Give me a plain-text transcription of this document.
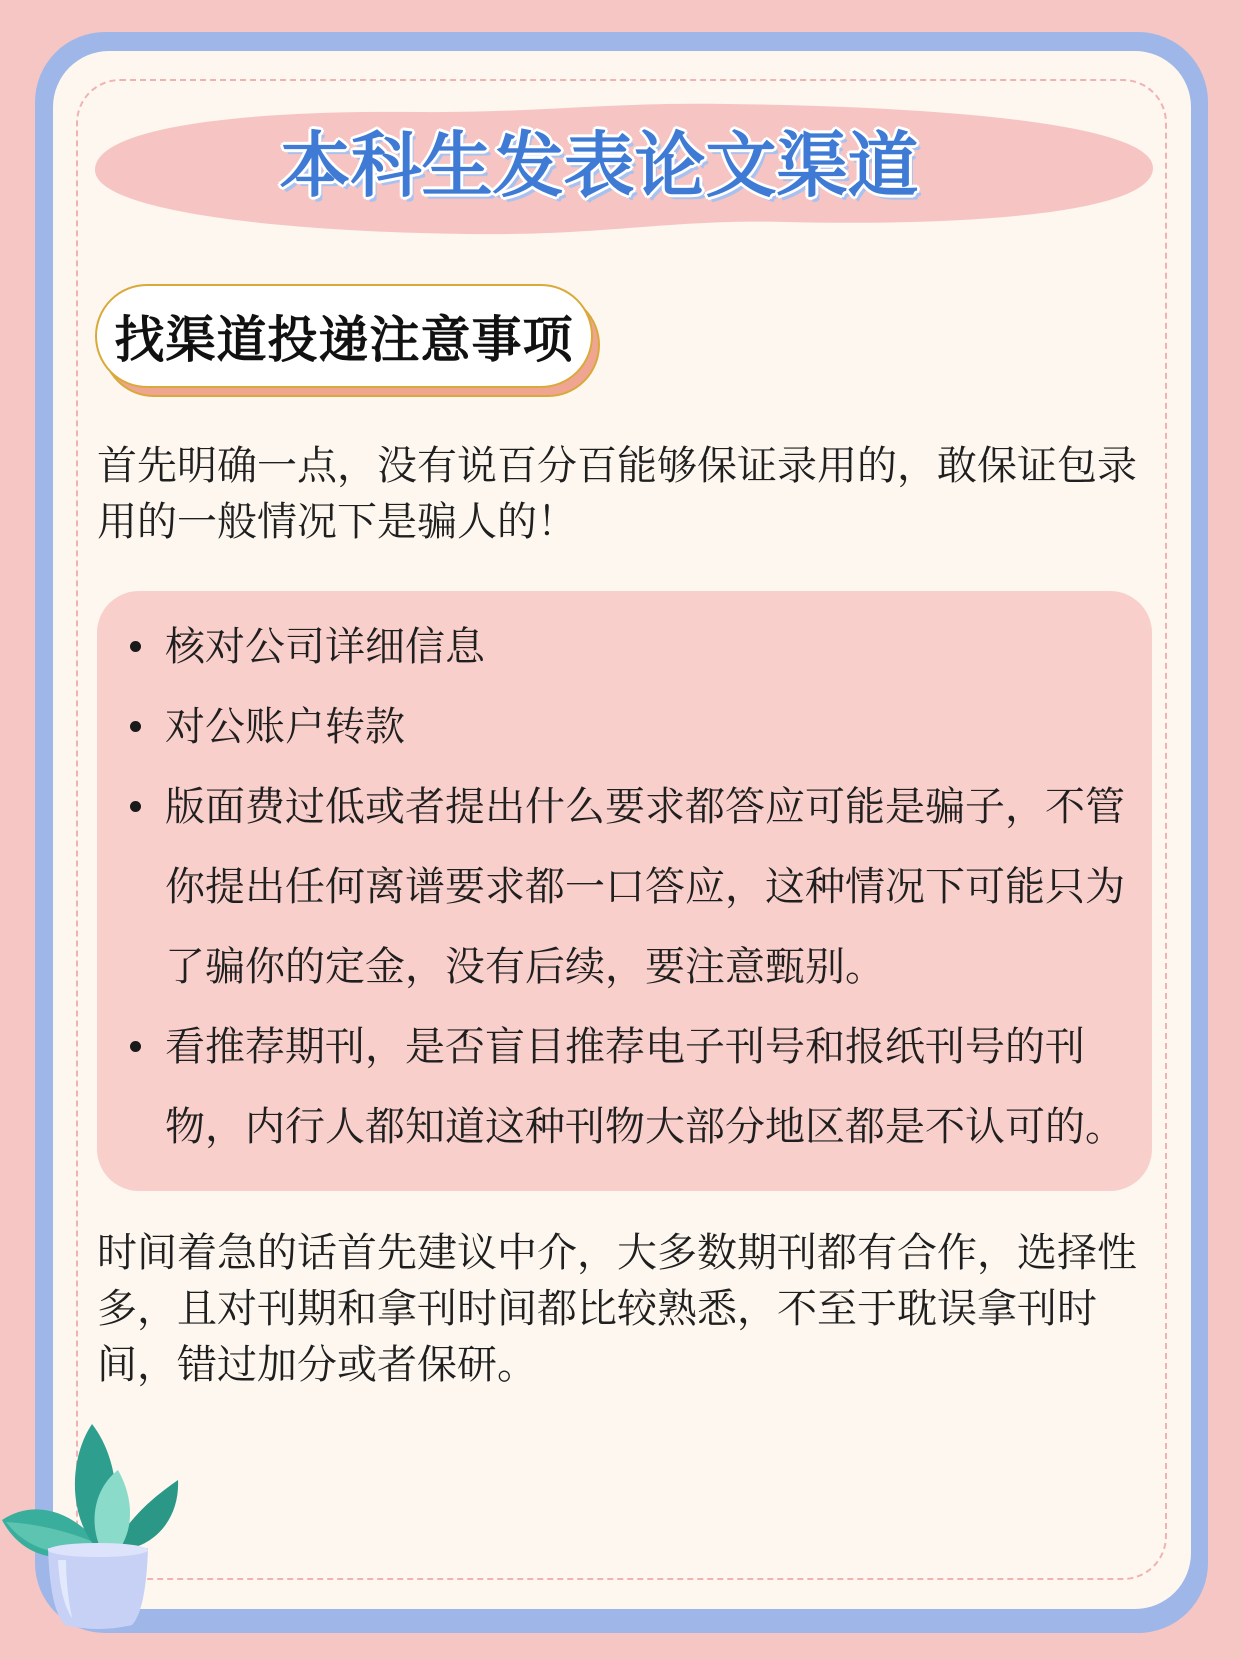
本科生发表论文渠道
找渠道投递注意事项

首先明确一点，没有说百分百能够保证录用的，敢保证包录用的一般情况下是骗人的！

核对公司详细信息
对公账户转款
版面费过低或者提出什么要求都答应可能是骗子，不管你提出任何离谱要求都一口答应，这种情况下可能只为了骗你的定金，没有后续，要注意甄别。
看推荐期刊，是否盲目推荐电子刊号和报纸刊号的刊物，内行人都知道这种刊物大部分地区都是不认可的。

时间着急的话首先建议中介，大多数期刊都有合作，选择性多，且对刊期和拿刊时间都比较熟悉，不至于耽误拿刊时间，错过加分或者保研。
